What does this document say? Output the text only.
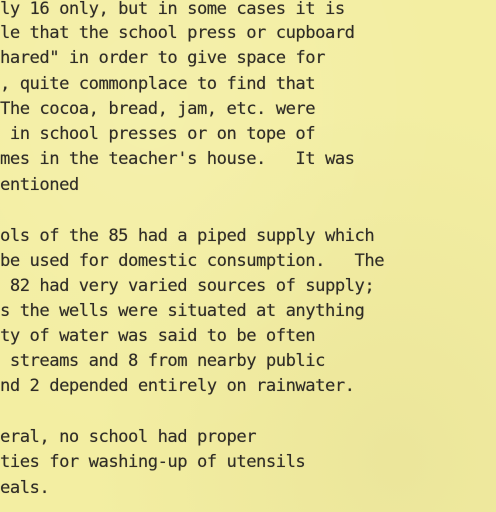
ly 16 only, but in some cases it is
le that the school press or cupboard
hared" in order to give space for
, quite commonplace to find that
The cocoa, bread, jam, etc. were
in school presses or on tope of
mes in the teacher's house.   It was
entioned
ols of the 85 had a piped supply which
be used for domestic consumption.   The
82 had very varied sources of supply;
s the wells were situated at anything
ty of water was said to be often
streams and 8 from nearby public
nd 2 depended entirely on rainwater.
eral, no school had proper
ties for washing-up of utensils
eals.
